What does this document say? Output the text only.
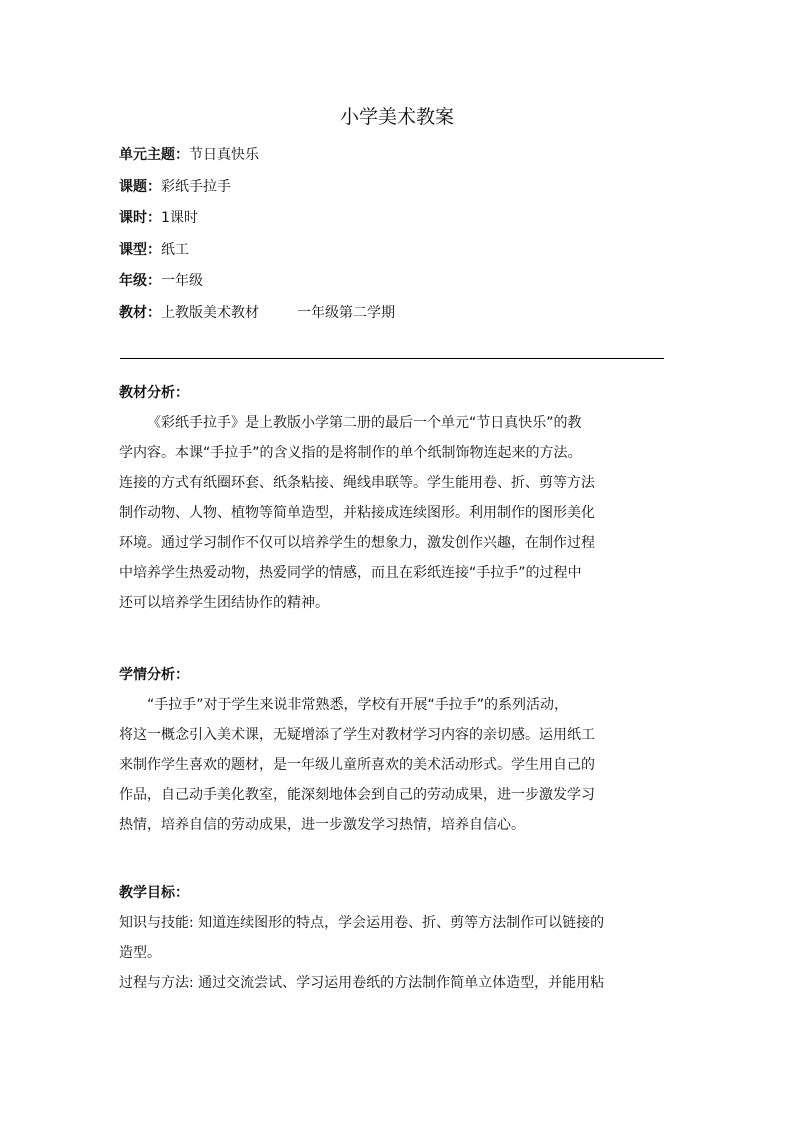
小学美术教案
单元主题：节日真快乐
课题：彩纸手拉手
课时：1课时
课型：纸工
年级：一年级
教材：上教版美术教材	一年级第二学期
教材分析：
《彩纸手拉手》是上教版小学第二册的最后一个单元“节日真快乐”的教
学内容。本课“手拉手”的含义指的是将制作的单个纸制饰物连起来的方法。
连接的方式有纸圈环套、纸条粘接、绳线串联等。学生能用卷、折、剪等方法
制作动物、人物、植物等简单造型，并粘接成连续图形。利用制作的图形美化
环境。通过学习制作不仅可以培养学生的想象力，激发创作兴趣，在制作过程
中培养学生热爱动物，热爱同学的情感，而且在彩纸连接“手拉手”的过程中
还可以培养学生团结协作的精神。
学情分析：
“手拉手”对于学生来说非常熟悉，学校有开展“手拉手”的系列活动，
将这一概念引入美术课，无疑增添了学生对教材学习内容的亲切感。运用纸工
来制作学生喜欢的题材，是一年级儿童所喜欢的美术活动形式。学生用自己的
作品，自己动手美化教室，能深刻地体会到自己的劳动成果，进一步激发学习
热情，培养自信的劳动成果，进一步激发学习热情，培养自信心。
教学目标：
知识与技能: 知道连续图形的特点，学会运用卷、折、剪等方法制作可以链接的
造型。
过程与方法: 通过交流尝试、学习运用卷纸的方法制作简单立体造型，并能用粘
